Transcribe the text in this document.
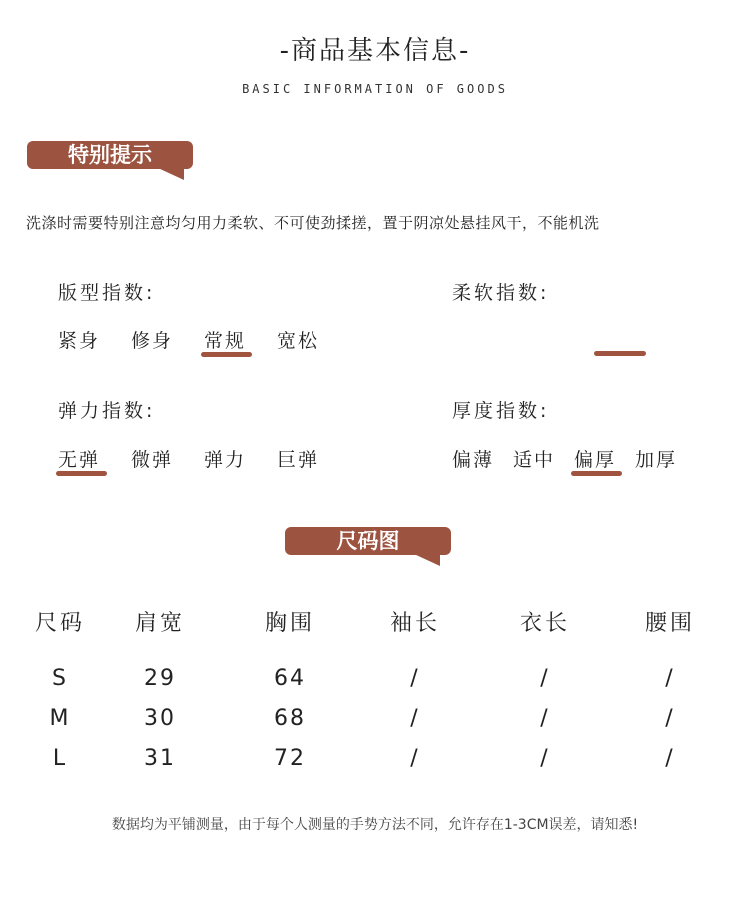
-商品基本信息-
BASIC INFORMATION OF GOODS
特别提示
洗涤时需要特别注意均匀用力柔软、不可使劲揉搓，置于阴凉处悬挂风干，不能机洗
版型指数:
紧身 修身 常规 宽松
柔软指数:
弹力指数:
无弹 微弹 弹力 巨弹
厚度指数:
偏薄 适中 偏厚 加厚
尺码图
尺码	肩宽	胸围	袖长	衣长	腰围
S	29	64	/	/	/
M	30	68	/	/	/
L	31	72	/	/	/
数据均为平铺测量，由于每个人测量的手势方法不同，允许存在1-3CM误差，请知悉!
